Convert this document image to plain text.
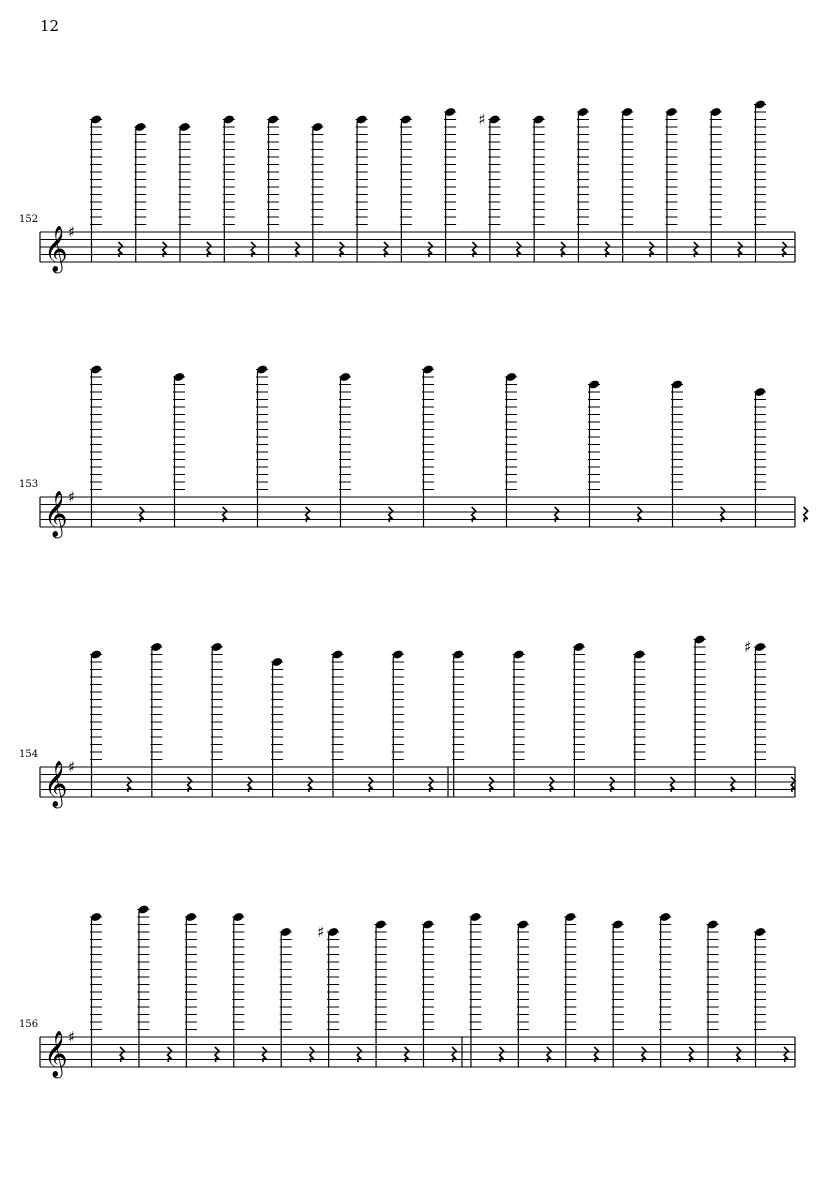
12
152
𝄞 ♯
♯
153
𝄞 ♯
154
𝄞 ♯
♯
156
𝄞 ♯
♯
